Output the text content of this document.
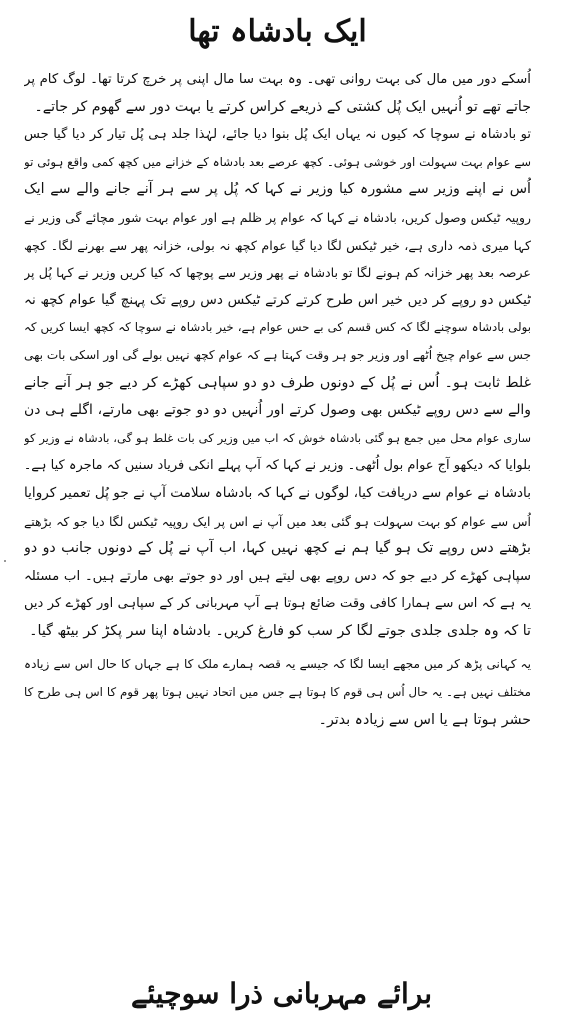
ایک بادشاہ تھا
اُسکے دور میں مال کی بہت روانی تھی۔ وہ بہت سا مال اپنی پر خرچ کرتا تھا۔ لوگ کام پر
جاتے تھے تو اُنہیں ایک پُل کشتی کے ذریعے کراس کرتے یا بہت دور سے گھوم کر جاتے۔
تو بادشاہ نے سوچا کہ کیوں نہ یہاں ایک پُل بنوا دیا جائے، لہٰذا جلد ہی پُل تیار کر دیا گیا جس
سے عوام بہت سہولت اور خوشی ہوئی۔ کچھ عرصے بعد بادشاہ کے خزانے میں کچھ کمی واقع ہوئی تو
اُس نے اپنے وزیر سے مشورہ کیا وزیر نے کہا کہ پُل پر سے ہر آنے جانے والے سے ایک
روپیہ ٹیکس وصول کریں، بادشاہ نے کہا کہ عوام پر ظلم ہے اور عوام بہت شور مچائے گی وزیر نے
کہا میری ذمہ داری ہے، خیر ٹیکس لگا دیا گیا عوام کچھ نہ بولی، خزانہ پھر سے بھرنے لگا۔ کچھ
عرصہ بعد پھر خزانہ کم ہونے لگا تو بادشاہ نے پھر وزیر سے پوچھا کہ کیا کریں وزیر نے کہا پُل پر
ٹیکس دو روپے کر دیں خیر اس طرح کرتے کرتے ٹیکس دس روپے تک پہنچ گیا عوام کچھ نہ
بولی بادشاہ سوچنے لگا کہ کس قسم کی بے حس عوام ہے، خیر بادشاہ نے سوچا کہ کچھ ایسا کریں کہ
جس سے عوام چیخ اُٹھے اور وزیر جو ہر وقت کہتا ہے کہ عوام کچھ نہیں بولے گی اور اسکی بات بھی
غلط ثابت ہو۔ اُس نے پُل کے دونوں طرف دو دو سپاہی کھڑے کر دیے جو ہر آنے جانے
والے سے دس روپے ٹیکس بھی وصول کرتے اور اُنہیں دو دو جوتے بھی مارتے، اگلے ہی دن
ساری عوام محل میں جمع ہو گئی بادشاہ خوش کہ اب میں وزیر کی بات غلط ہو گی، بادشاہ نے وزیر کو
بلوایا کہ دیکھو آج عوام بول اُٹھی۔ وزیر نے کہا کہ آپ پہلے انکی فریاد سنیں کہ ماجرہ کیا ہے۔
بادشاہ نے عوام سے دریافت کیا، لوگوں نے کہا کہ بادشاہ سلامت آپ نے جو پُل تعمیر کروایا
اُس سے عوام کو بہت سہولت ہو گئی بعد میں آپ نے اس پر ایک روپیہ ٹیکس لگا دیا جو کہ بڑھتے
بڑھتے دس روپے تک ہو گیا ہم نے کچھ نہیں کہا، اب آپ نے پُل کے دونوں جانب دو دو
سپاہی کھڑے کر دیے جو کہ دس روپے بھی لیتے ہیں اور دو جوتے بھی مارتے ہیں۔ اب مسئلہ
یہ ہے کہ اس سے ہمارا کافی وقت ضائع ہوتا ہے آپ مہربانی کر کے سپاہی اور کھڑے کر دیں
تا کہ وہ جلدی جلدی جوتے لگا کر سب کو فارغ کریں۔ بادشاہ اپنا سر پکڑ کر بیٹھ گیا۔
یہ کہانی پڑھ کر میں مجھے ایسا لگا کہ جیسے یہ قصہ ہمارے ملک کا ہے جہاں کا حال اس سے زیادہ
مختلف نہیں ہے۔ یہ حال اُس ہی قوم کا ہوتا ہے جس میں اتحاد نہیں ہوتا پھر قوم کا اس ہی طرح کا
حشر ہوتا ہے یا اس سے زیادہ بدتر۔
برائے مہربانی ذرا سوچیئے
